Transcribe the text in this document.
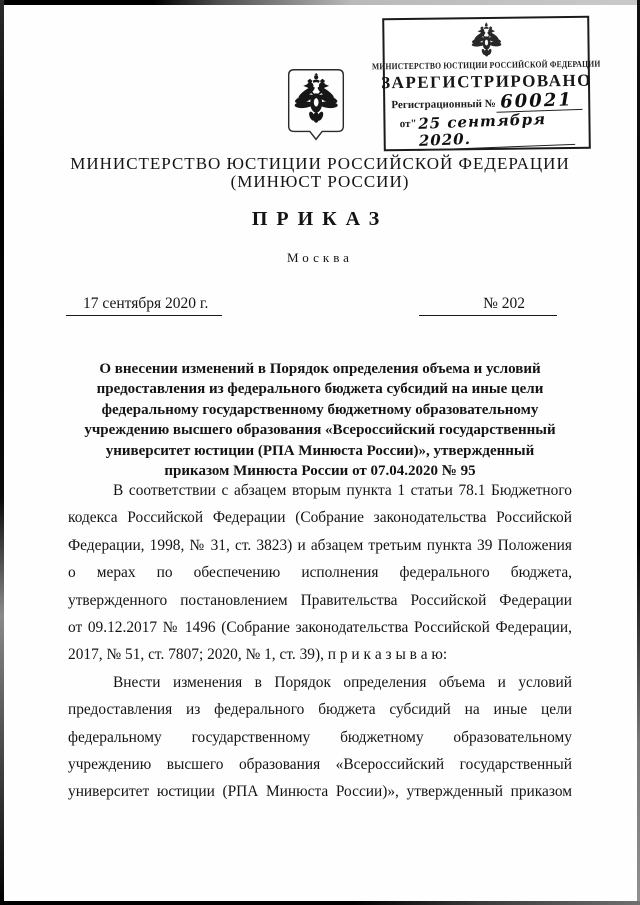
МИНИСТЕРСТВО ЮСТИЦИИ РОССИЙСКОЙ ФЕДЕРАЦИИ
ЗАРЕГИСТРИРОВАНО
Регистрационный № 60021
от " 25 сентября 2020.
МИНИСТЕРСТВО ЮСТИЦИИ РОССИЙСКОЙ ФЕДЕРАЦИИ
(МИНЮСТ РОССИИ)
ПРИКАЗ
Москва
17 сентября 2020 г.	№ 202
О внесении изменений в Порядок определения объема и условий
предоставления из федерального бюджета субсидий на иные цели
федеральному государственному бюджетному образовательному
учреждению высшего образования «Всероссийский государственный
университет юстиции (РПА Минюста России)», утвержденный
приказом Минюста России от 07.04.2020 № 95
В соответствии с абзацем вторым пункта 1 статьи 78.1 Бюджетного
кодекса Российской Федерации (Собрание законодательства Российской
Федерации, 1998, № 31, ст. 3823) и абзацем третьим пункта 39 Положения
о мерах по обеспечению исполнения федерального бюджета,
утвержденного постановлением Правительства Российской Федерации
от 09.12.2017 № 1496 (Собрание законодательства Российской Федерации,
2017, № 51, ст. 7807; 2020, № 1, ст. 39), п р и к а з ы в а ю:
Внести изменения в Порядок определения объема и условий
предоставления из федерального бюджета субсидий на иные цели
федеральному государственному бюджетному образовательному
учреждению высшего образования «Всероссийский государственный
университет юстиции (РПА Минюста России)», утвержденный приказом
